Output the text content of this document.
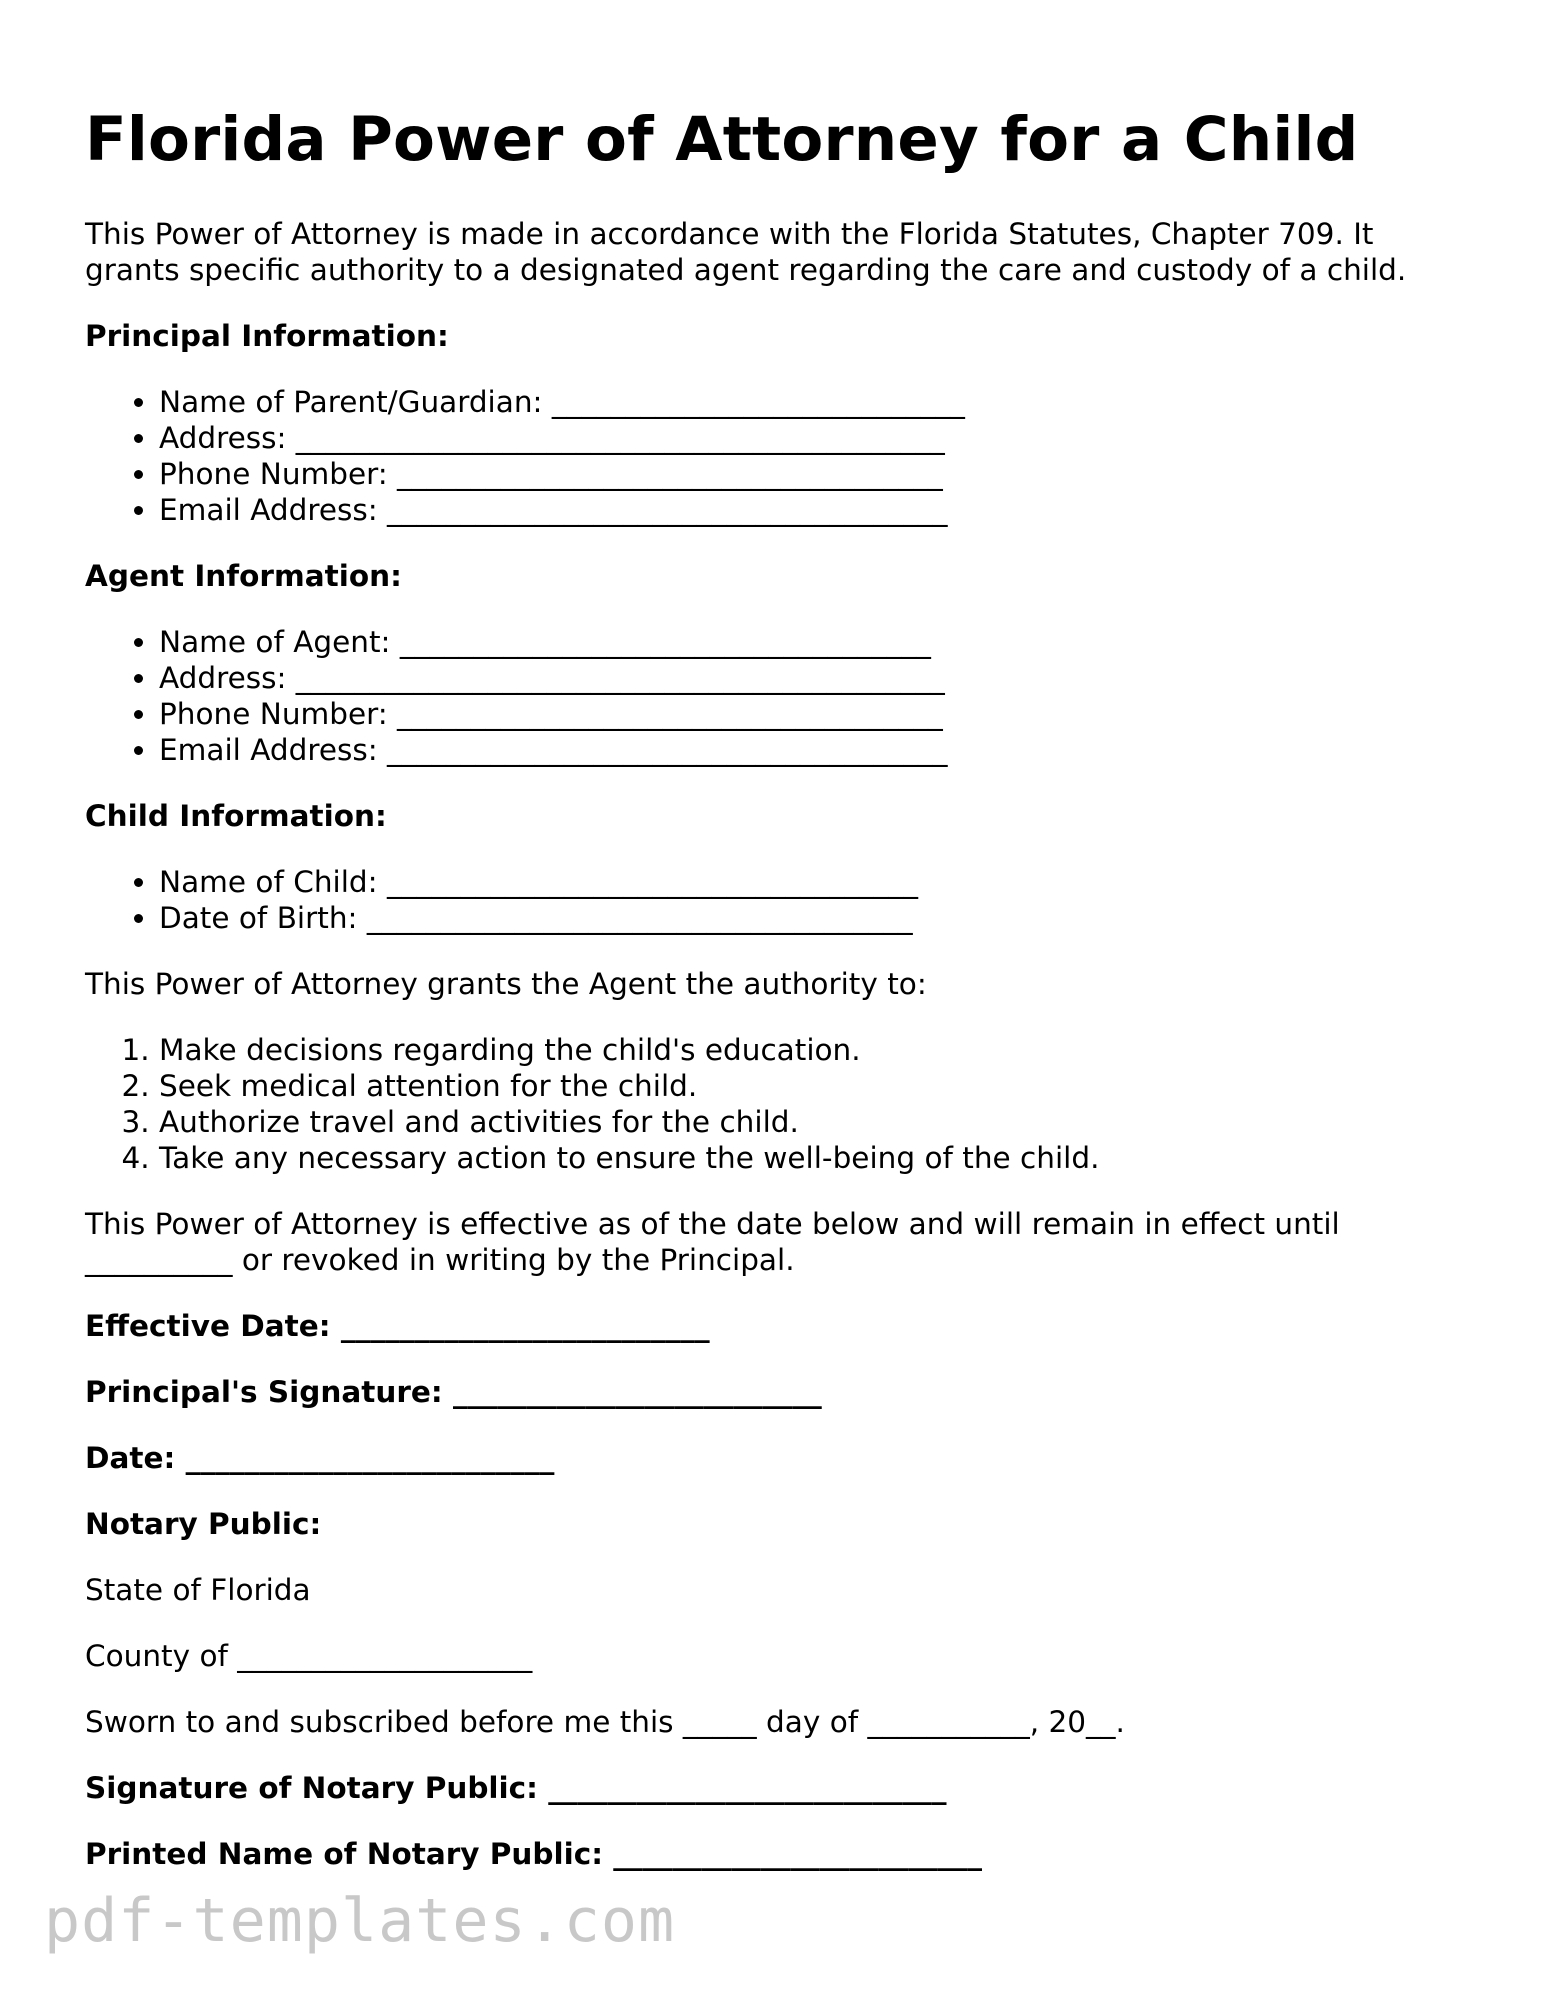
Florida Power of Attorney for a Child

This Power of Attorney is made in accordance with the Florida Statutes, Chapter 709. It grants specific authority to a designated agent regarding the care and custody of a child.

Principal Information:

• Name of Parent/Guardian: ____________________________
• Address: ____________________________________________
• Phone Number: _____________________________________
• Email Address: ______________________________________

Agent Information:

• Name of Agent: ____________________________________
• Address: ____________________________________________
• Phone Number: _____________________________________
• Email Address: ______________________________________

Child Information:

• Name of Child: ____________________________________
• Date of Birth: _____________________________________

This Power of Attorney grants the Agent the authority to:

1. Make decisions regarding the child's education.
2. Seek medical attention for the child.
3. Authorize travel and activities for the child.
4. Take any necessary action to ensure the well-being of the child.

This Power of Attorney is effective as of the date below and will remain in effect until __________ or revoked in writing by the Principal.

Effective Date: _________________________

Principal's Signature: _________________________

Date: _________________________

Notary Public:

State of Florida

County of ____________________

Sworn to and subscribed before me this _____ day of ___________, 20__.

Signature of Notary Public: ___________________________

Printed Name of Notary Public: _________________________

pdf-templates.com
